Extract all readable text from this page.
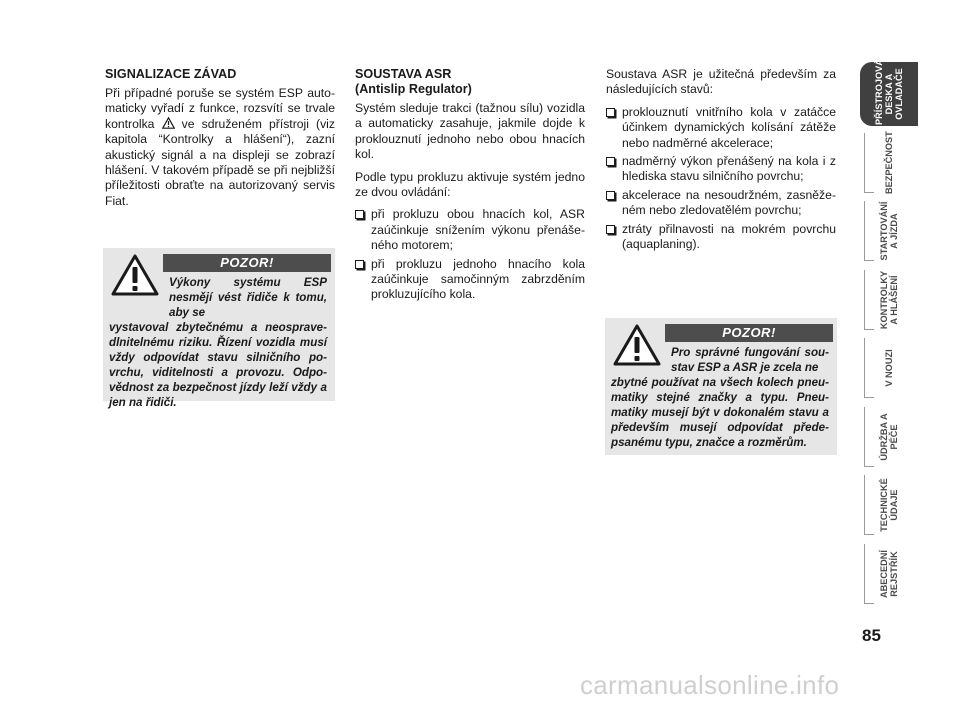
SIGNALIZACE ZÁVAD

Při případné poruše se systém ESP automaticky vyřadí z funkce, rozsvítí se trvale kontrolka ve sdruženém přístroji (viz kapitola “Kontrolky a hlášení“), zazní akustický signál a na displeji se zobrazí hlášení. V takovém případě se při nejbližší příležitosti obraťte na autorizovaný servis Fiat.

POZOR!
Výkony systému ESP nesmějí vést řidiče k tomu, aby se
vystavoval zbytečnému a neospravedlnitelnému riziku. Řízení vozidla musí vždy odpovídat stavu silničního povrchu, viditelnosti a provozu. Odpovědnost za bezpečnost jízdy leží vždy a jen na řidiči.
SOUSTAVA ASR
(Antislip Regulator)

Systém sleduje trakci (tažnou sílu) vozidla a automaticky zasahuje, jakmile dojde k proklouznutí jednoho nebo obou hnacích kol.

Podle typu prokluzu aktivuje systém jedno ze dvou ovládání:

při prokluzu obou hnacích kol, ASR zaúčinkuje snížením výkonu přenášeného motorem;
při prokluzu jednoho hnacího kola zaúčinkuje samočinným zabrzděním prokluzujícího kola.

Soustava ASR je užitečná především za následujících stavů:

proklouznutí vnitřního kola v zatáčce účinkem dynamických kolísání zátěže nebo nadměrné akcelerace;
nadměrný výkon přenášený na kola i z hlediska stavu silničního povrchu;
akcelerace na nesoudržném, zasněženém nebo zledovatělém povrchu;
ztráty přilnavosti na mokrém povrchu (aquaplaning).
POZOR!
Pro správné fungování soustav ESP a ASR je zcela ne
zbytné používat na všech kolech pneumatiky stejné značky a typu. Pneumatiky musejí být v dokonalém stavu a především musejí odpovídat předepsanému typu, značce a rozměrům.
PŘÍSTROJOVÁ
DESKA A
OVLADAČE
BEZPEČNOST
STARTOVÁNÍ
A JÍZDA
KONTROLKY
A HLÁŠENÍ
V NOUZI
ÚDRŽBA A
PÉČE
TECHNICKÉ
ÚDAJE
ABECEDNÍ
REJSTŘÍK
85
carmanualsonline.info
